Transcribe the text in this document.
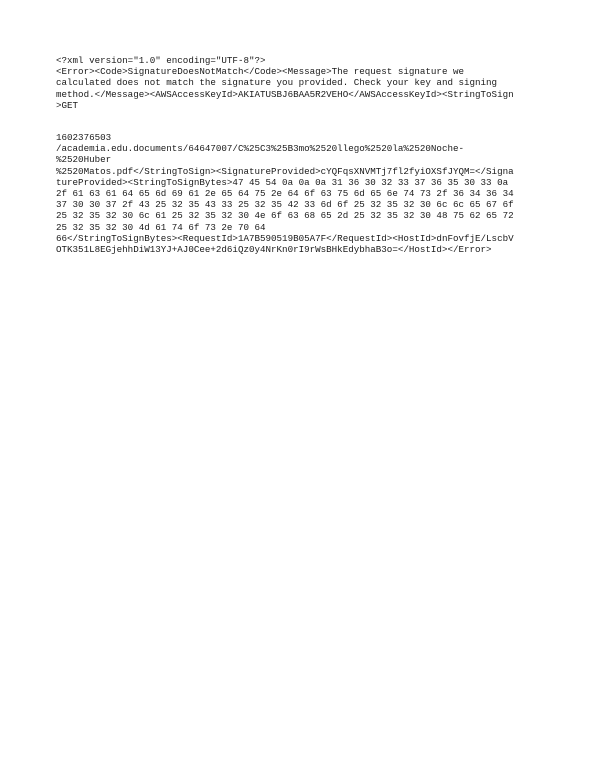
<?xml version="1.0" encoding="UTF-8"?>
<Error><Code>SignatureDoesNotMatch</Code><Message>The request signature we
calculated does not match the signature you provided. Check your key and signing
method.</Message><AWSAccessKeyId>AKIATUSBJ6BAA5R2VEHO</AWSAccessKeyId><StringToSign
>GET
1602376503
/academia.edu.documents/64647007/C%25C3%25B3mo%2520llego%2520la%2520Noche-
%2520Huber
%2520Matos.pdf</StringToSign><SignatureProvided>cYQFqsXNVMTj7fl2fyiOXSfJYQM=</Signa
tureProvided><StringToSignBytes>47 45 54 0a 0a 0a 31 36 30 32 33 37 36 35 30 33 0a
2f 61 63 61 64 65 6d 69 61 2e 65 64 75 2e 64 6f 63 75 6d 65 6e 74 73 2f 36 34 36 34
37 30 30 37 2f 43 25 32 35 43 33 25 32 35 42 33 6d 6f 25 32 35 32 30 6c 6c 65 67 6f
25 32 35 32 30 6c 61 25 32 35 32 30 4e 6f 63 68 65 2d 25 32 35 32 30 48 75 62 65 72
25 32 35 32 30 4d 61 74 6f 73 2e 70 64
66</StringToSignBytes><RequestId>1A7B590519B05A7F</RequestId><HostId>dnFovfjE/LscbV
OTK351L8EGjehhDiW13YJ+AJ0Cee+2d6iQz0y4NrKn0rI9rWsBHkEdybhaB3o=</HostId></Error>
